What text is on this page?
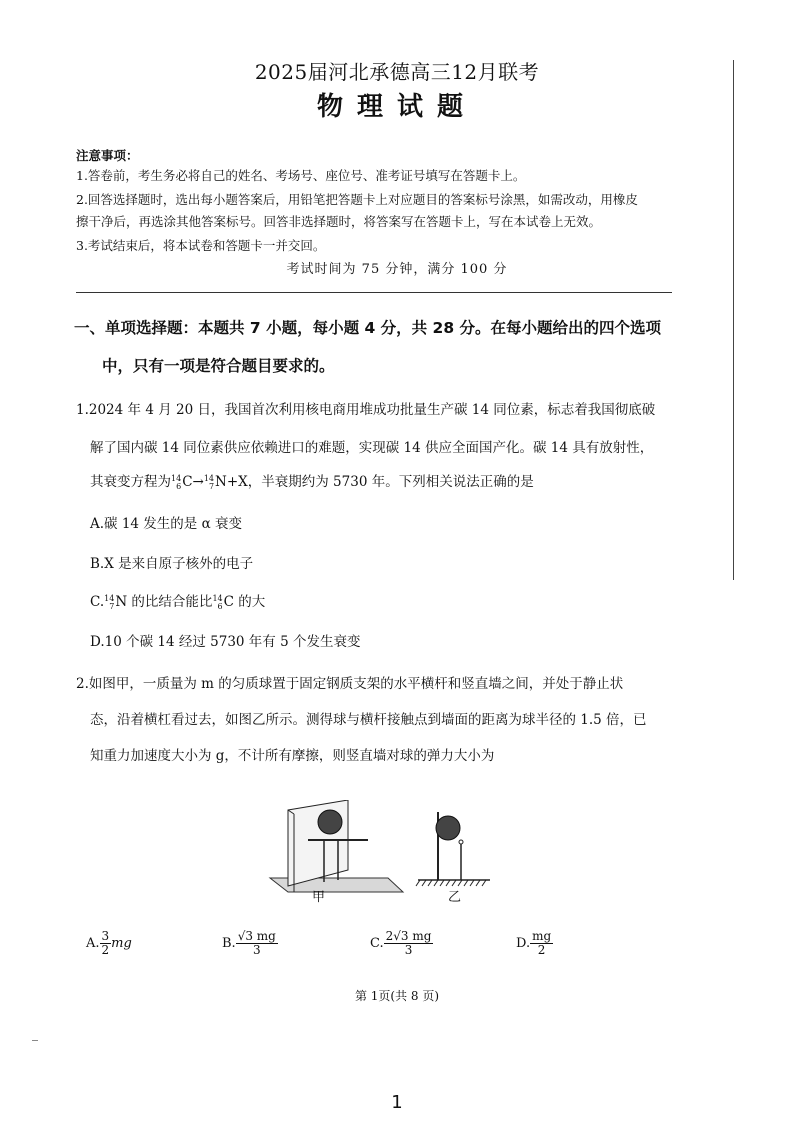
2025届河北承德高三12月联考
物理试题
注意事项：
1.答卷前，考生务必将自己的姓名、考场号、座位号、准考证号填写在答题卡上。
2.回答选择题时，选出每小题答案后，用铅笔把答题卡上对应题目的答案标号涂黑，如需改动，用橡皮
擦干净后，再选涂其他答案标号。回答非选择题时，将答案写在答题卡上，写在本试卷上无效。
3.考试结束后，将本试卷和答题卡一并交回。
考试时间为 75 分钟，满分 100 分
一、单项选择题：本题共 7 小题，每小题 4 分，共 28 分。在每小题给出的四个选项
中，只有一项是符合题目要求的。
1.2024 年 4 月 20 日，我国首次利用核电商用堆成功批量生产碳 14 同位素，标志着我国彻底破
解了国内碳 14 同位素供应依赖进口的难题，实现碳 14 供应全面国产化。碳 14 具有放射性，
其衰变方程为 14
6 C→ 14
7 N+X，半衰期约为 5730 年。下列相关说法正确的是
A.碳 14 发生的是 α 衰变
B.X 是来自原子核外的电子
C. 14
7 N 的比结合能比 14
6 C 的大
D.10 个碳 14 经过 5730 年有 5 个发生衰变
2.如图甲，一质量为 m 的匀质球置于固定钢质支架的水平横杆和竖直墙之间，并处于静止状
态，沿着横杠看过去，如图乙所示。测得球与横杆接触点到墙面的距离为球半径的 1.5 倍，已
知重力加速度大小为 g，不计所有摩擦，则竖直墙对球的弹力大小为
甲	乙
A. $\frac{3}{2}$ mg	B. $\frac{√3 mg}{3}$	C. $\frac{2√3 mg}{3}$	D. $\frac{mg}{2}$
第 1页(共 8 页)
1
